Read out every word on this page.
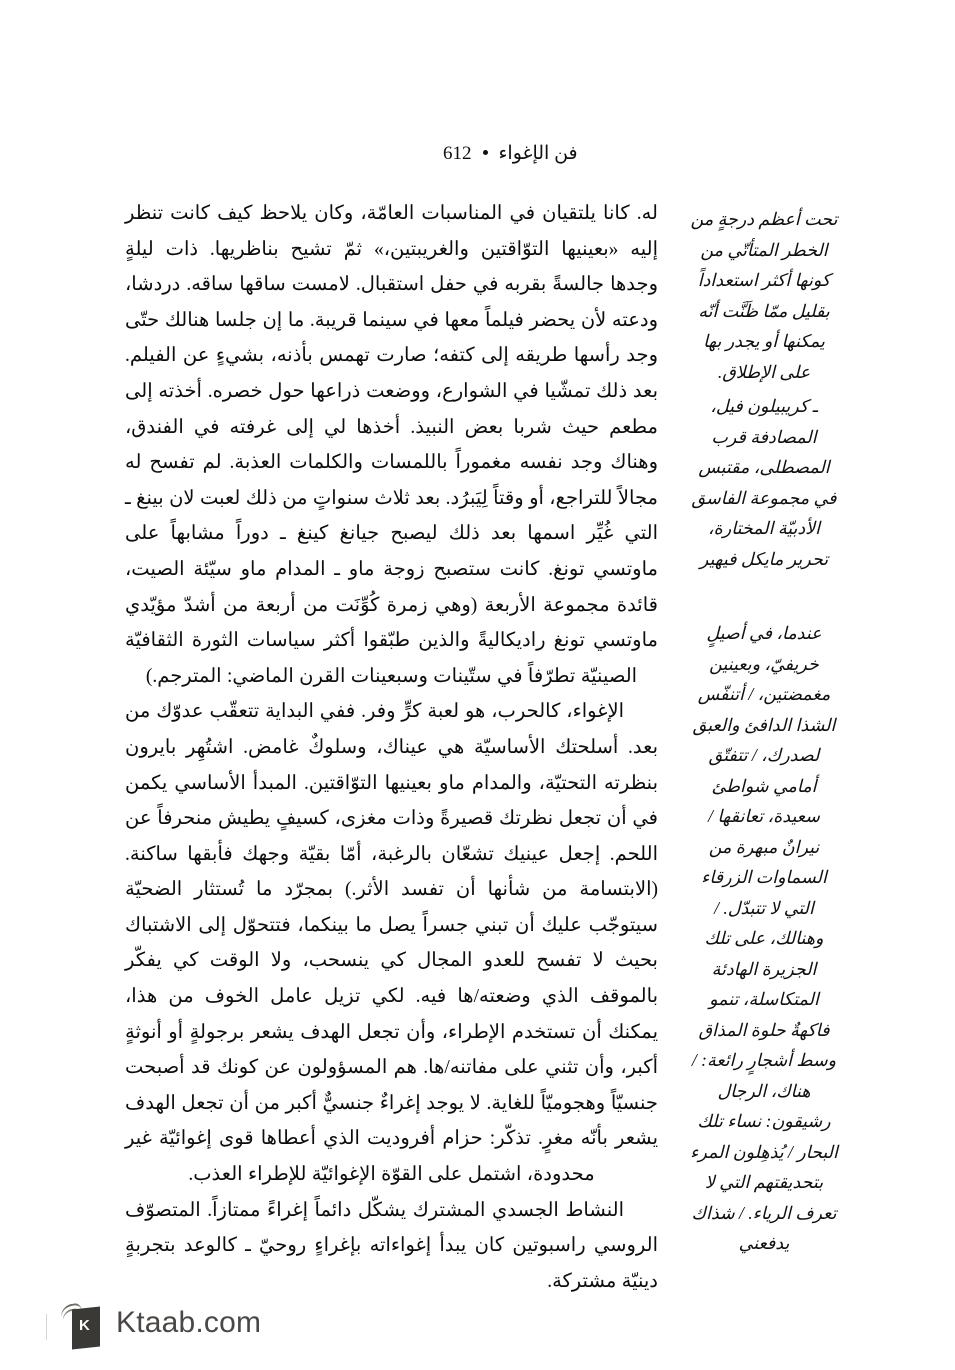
فن الإغواء612

له. كانا يلتقيان في المناسبات العامّة، وكان يلاحظ كيف كانت تنظر إليه «بعينيها التوّاقتين والغريبتين،» ثمّ تشيح بناظريها. ذات ليلةٍ وجدها جالسةً بقربه في حفل استقبال. لامست ساقها ساقه. دردشا، ودعته لأن يحضر فيلماً معها في سينما قريبة. ما إن جلسا هنالك حتّى وجد رأسها طريقه إلى كتفه؛ صارت تهمس بأذنه، بشيءٍ عن الفيلم. بعد ذلك تمشّيا في الشوارع، ووضعت ذراعها حول خصره. أخذته إلى مطعم حيث شربا بعض النبيذ. أخذها لي إلى غرفته في الفندق، وهناك وجد نفسه مغموراً باللمسات والكلمات العذبة. لم تفسح له مجالاً للتراجع، أو وقتاً لِيَبرُد. بعد ثلاث سنواتٍ من ذلك لعبت لان بينغ ـ التي غُيِّر اسمها بعد ذلك ليصبح جيانغ كينغ ـ دوراً مشابهاً على ماوتسي تونغ. كانت ستصبح زوجة ماو ـ المدام ماو سيّئة الصيت، قائدة مجموعة الأربعة (وهي زمرة كُوِّنَت من أربعة من أشدّ مؤيّدي ماوتسي تونغ راديكاليةً والذين طبّقوا أكثر سياسات الثورة الثقافيّة الصينيّة تطرّفاً في ستّينات وسبعينات القرن الماضي: المترجم.)

الإغواء، كالحرب، هو لعبة كرٍّ وفر. ففي البداية تتعقّب عدوّك من بعد. أسلحتك الأساسيّة هي عيناك، وسلوكٌ غامض. اشتُهِر بايرون بنظرته التحتيّة، والمدام ماو بعينيها التوّاقتين. المبدأ الأساسي يكمن في أن تجعل نظرتك قصيرةً وذات مغزى، كسيفٍ يطيش منحرفاً عن اللحم. إجعل عينيك تشعّان بالرغبة، أمّا بقيّة وجهك فأبقها ساكنة. (الابتسامة من شأنها أن تفسد الأثر.) بمجرّد ما تُستثار الضحيّة سيتوجّب عليك أن تبني جسراً يصل ما بينكما، فتتحوّل إلى الاشتباك بحيث لا تفسح للعدو المجال كي ينسحب، ولا الوقت كي يفكّر بالموقف الذي وضعته/ها فيه. لكي تزيل عامل الخوف من هذا، يمكنك أن تستخدم الإطراء، وأن تجعل الهدف يشعر برجولةٍ أو أنوثةٍ أكبر، وأن تثني على مفاتنه/ها. هم المسؤولون عن كونك قد أصبحت جنسيّاً وهجوميّاً للغاية. لا يوجد إغراءٌ جنسيٌّ أكبر من أن تجعل الهدف يشعر بأنّه مغرٍ. تذكّر: حزام أفروديت الذي أعطاها قوى إغوائيّة غير محدودة، اشتمل على القوّة الإغوائيّة للإطراء العذب.

النشاط الجسدي المشترك يشكّل دائماً إغراءً ممتازاً. المتصوّف الروسي راسبوتين كان يبدأ إغواءاته بإغراءٍ روحيّ ـ كالوعد بتجربةٍ دينيّة مشتركة.

تحت أعظم درجةٍ من الخطر المتأتّي من كونها أكثر استعداداً بقليل ممّا ظَنَّت أنّه يمكنها أو يجدر بها على الإطلاق.
ـ كريبيلون فيل، المصادفة قرب المصطلى، مقتبس في مجموعة الفاسق الأدبيّة المختارة، تحرير مايكل فيهير
عندما، في أصيلٍ خريفيّ، وبعينين مغمضتين، / أتنفّس الشذا الدافئ والعبق لصدرك، / تتفتّق أمامي شواطئ سعيدة، تعانقها / نيرانٌ مبهرة من السماوات الزرقاء التي لا تتبدّل. / وهنالك، على تلك الجزيرة الهادئة المتكاسلة، تنمو فاكهةٌ حلوة المذاق وسط أشجارٍ رائعة: / هناك، الرجال رشيقون: نساء تلك البحار / يُذهِلون المرء بتحديقتهم التي لا تعرف الرياء. / شذاك يدفعني
K Ktaab.com
